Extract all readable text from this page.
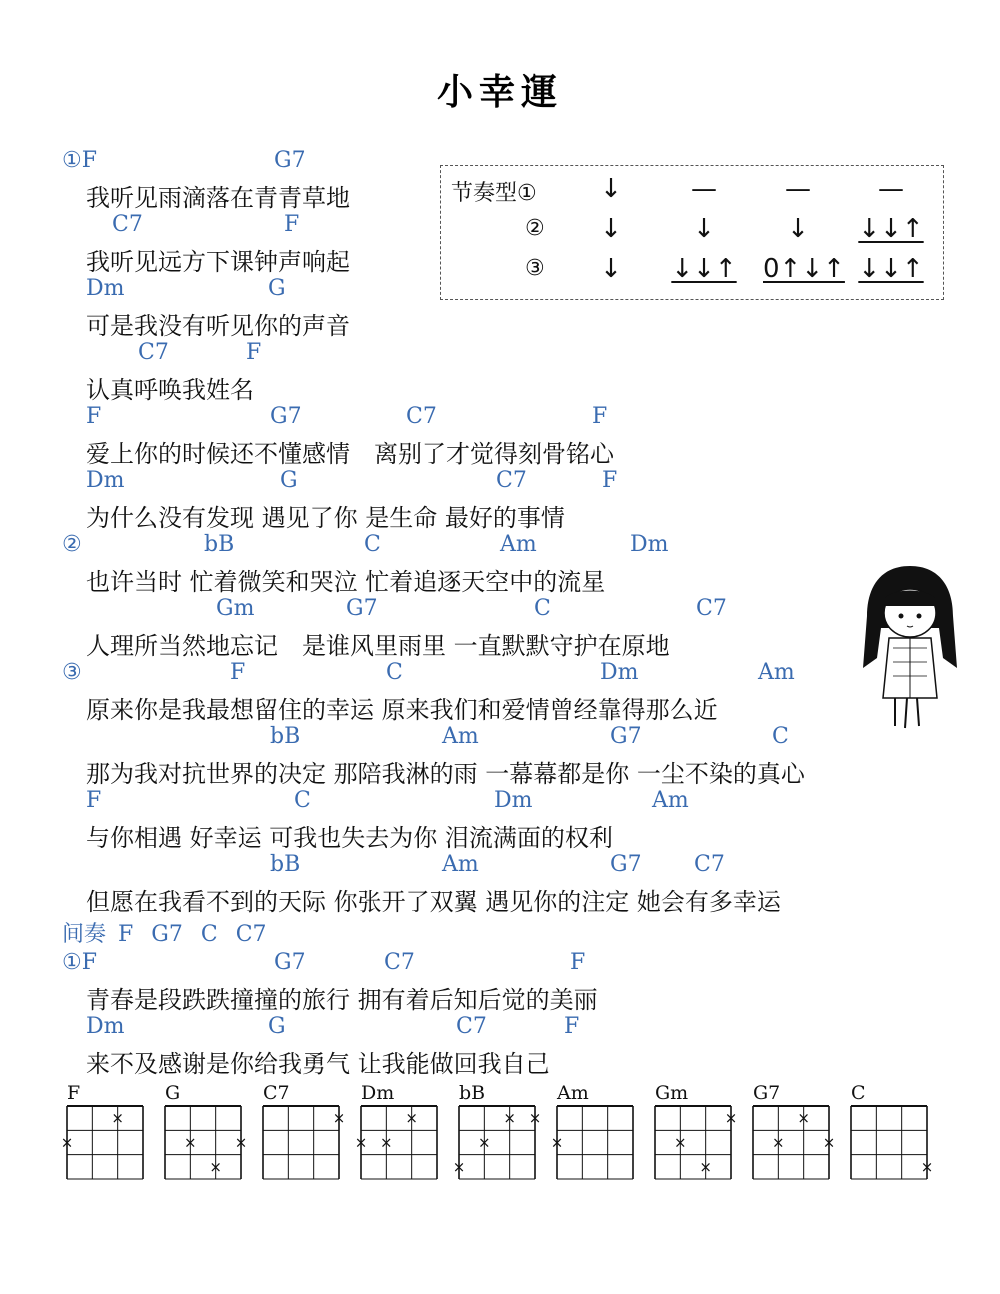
小幸運
节奏型①	↓	—	—	—
②	↓	↓	↓	↓↓↑
③	↓	↓↓↑ 0↑↓↑ ↓↓↑
①F	G7
我听见雨滴落在青青草地
C7	F
我听见远方下课钟声响起
Dm	G
可是我没有听见你的声音
C7	F
认真呼唤我姓名
F	G7	C7	F
爱上你的时候还不懂感情　离别了才觉得刻骨铭心
Dm	G	C7	F
为什么没有发现 遇见了你 是生命 最好的事情
②	bB	C	Am	Dm
也许当时 忙着微笑和哭泣 忙着追逐天空中的流星
Gm	G7	C	C7
人理所当然地忘记　是谁风里雨里 一直默默守护在原地
③	F	C	Dm	Am
原来你是我最想留住的幸运 原来我们和爱情曾经靠得那么近
bB	Am	G7	C
那为我对抗世界的决定 那陪我淋的雨 一幕幕都是你 一尘不染的真心
F	C	Dm	Am
与你相遇 好幸运 可我也失去为你 泪流满面的权利
bB	Am	G7 C7
但愿在我看不到的天际 你张开了双翼 遇见你的注定 她会有多幸运
①F	G7	C7	F
青春是段跌跌撞撞的旅行 拥有着后知后觉的美丽
Dm	G	C7	F
来不及感谢是你给我勇气 让我能做回我自己
间奏 F G7 C C7
F
×
×
G
×	×
×
C7
×
Dm
×
× ×
bB
× ×
×
×
Am
×
Gm
×
×
×
G7
×
×	×
C
×
